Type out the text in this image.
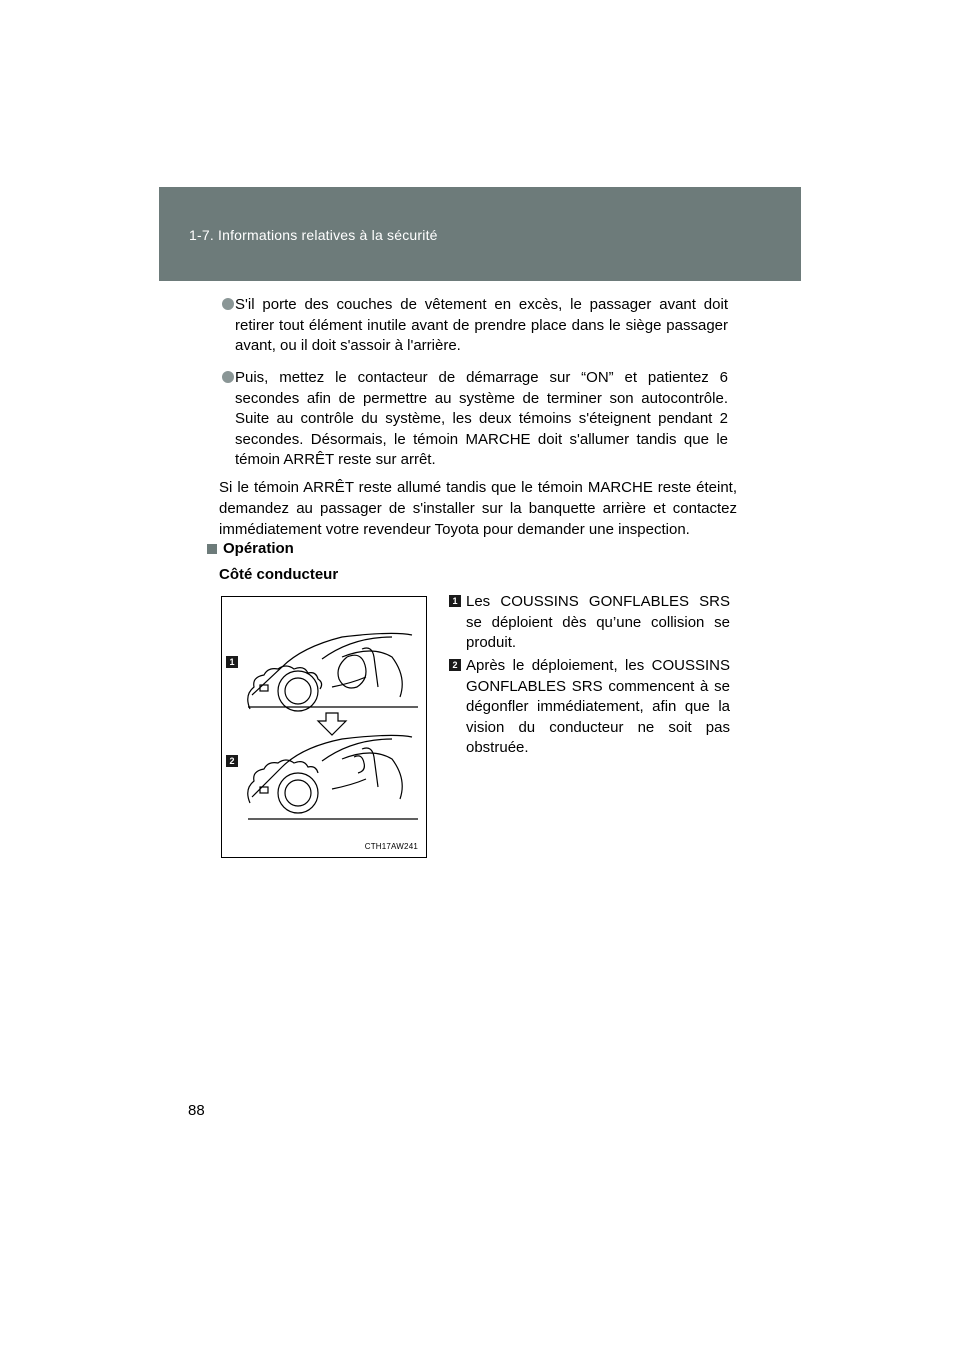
1-7. Informations relatives à la sécurité
S'il porte des couches de vêtement en excès, le passager avant doit retirer tout élément inutile avant de prendre place dans le siège passager avant, ou il doit s'assoir à l'arrière.
Puis, mettez le contacteur de démarrage sur “ON” et patientez 6 secondes afin de permettre au système de terminer son autocontrôle. Suite au contrôle du système, les deux témoins s'éteignent pendant 2 secondes. Désormais, le témoin MARCHE doit s'allumer tandis que le témoin ARRÊT reste sur arrêt.
Si le témoin ARRÊT reste allumé tandis que le témoin MARCHE reste éteint, demandez au passager de s'installer sur la banquette arrière et contactez immédiatement votre revendeur Toyota pour demander une inspection.
Opération
Côté conducteur
1
2
CTH17AW241
1 Les COUSSINS GONFLABLES SRS se déploient dès qu’une collision se produit.
2 Après le déploiement, les COUSSINS GONFLABLES SRS commencent à se dégonfler immédiatement, afin que la vision du conducteur ne soit pas obstruée.
88
